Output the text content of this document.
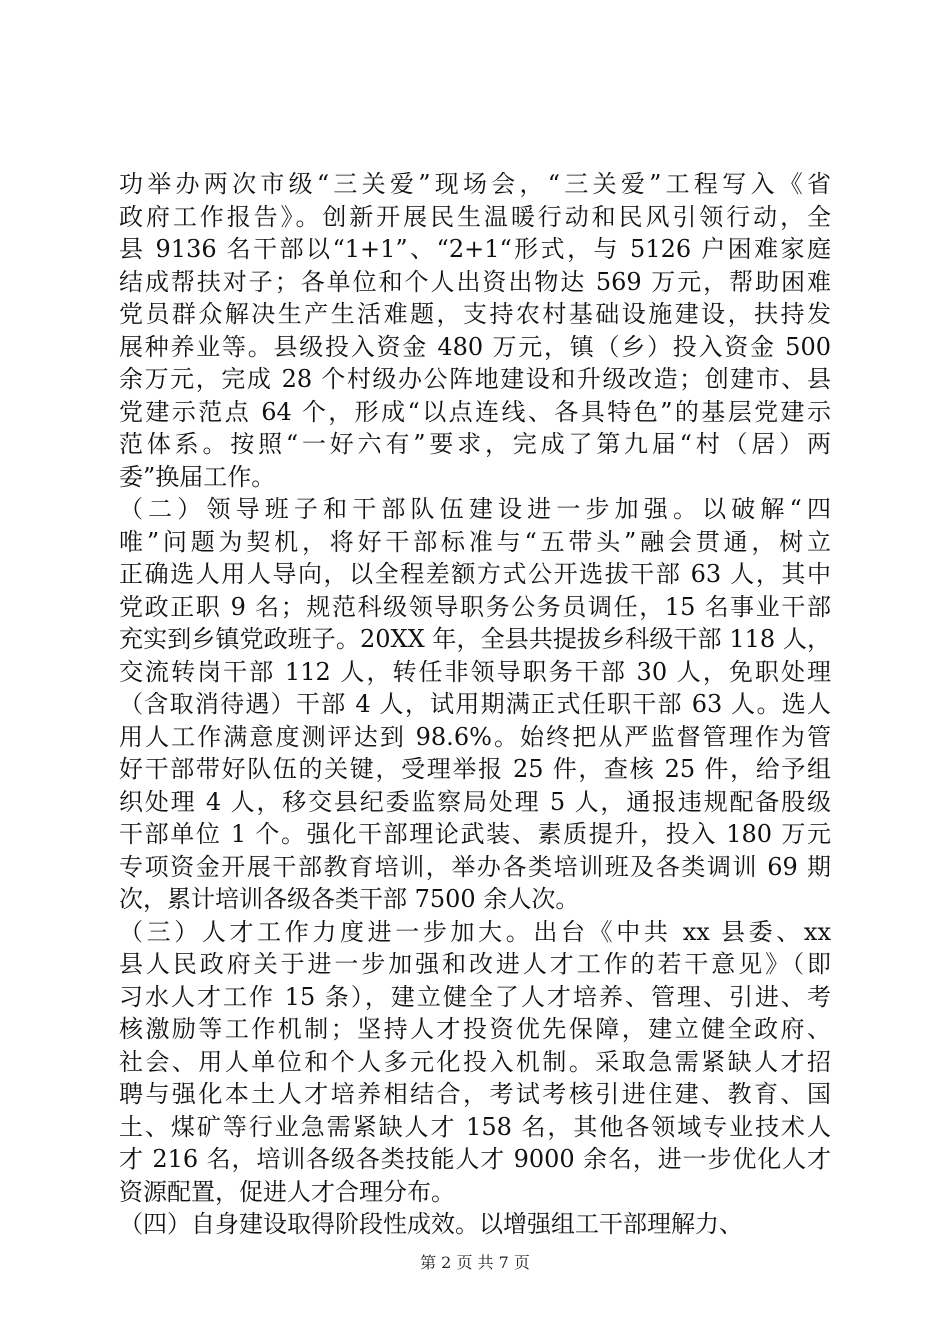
功举办两次市级“三关爱”现场会，“三关爱”工程写入《省
政府工作报告》。创新开展民生温暖行动和民风引领行动，全
县 9136 名干部以“1+1”、“2+1“形式，与 5126 户困难家庭
结成帮扶对子；各单位和个人出资出物达 569 万元，帮助困难
党员群众解决生产生活难题，支持农村基础设施建设，扶持发
展种养业等。县级投入资金 480 万元，镇（乡）投入资金 500
余万元，完成 28 个村级办公阵地建设和升级改造；创建市、县
党建示范点 64 个，形成“以点连线、各具特色”的基层党建示
范体系。按照“一好六有”要求，完成了第九届“村（居）两
委”换届工作。
（二）领导班子和干部队伍建设进一步加强。以破解“四
唯”问题为契机，将好干部标准与“五带头”融会贯通，树立
正确选人用人导向，以全程差额方式公开选拔干部 63 人，其中
党政正职 9 名；规范科级领导职务公务员调任，15 名事业干部
充实到乡镇党政班子。20XX 年，全县共提拔乡科级干部 118 人，
交流转岗干部 112 人，转任非领导职务干部 30 人，免职处理
（含取消待遇）干部 4 人，试用期满正式任职干部 63 人。选人
用人工作满意度测评达到 98.6%。始终把从严监督管理作为管
好干部带好队伍的关键，受理举报 25 件，查核 25 件，给予组
织处理 4 人，移交县纪委监察局处理 5 人，通报违规配备股级
干部单位 1 个。强化干部理论武装、素质提升，投入 180 万元
专项资金开展干部教育培训，举办各类培训班及各类调训 69 期
次，累计培训各级各类干部 7500 余人次。
（三）人才工作力度进一步加大。出台《中共 xx 县委、xx
县人民政府关于进一步加强和改进人才工作的若干意见》（即
习水人才工作 15 条），建立健全了人才培养、管理、引进、考
核激励等工作机制；坚持人才投资优先保障，建立健全政府、
社会、用人单位和个人多元化投入机制。采取急需紧缺人才招
聘与强化本土人才培养相结合，考试考核引进住建、教育、国
土、煤矿等行业急需紧缺人才 158 名，其他各领域专业技术人
才 216 名，培训各级各类技能人才 9000 余名，进一步优化人才
资源配置，促进人才合理分布。
（四）自身建设取得阶段性成效。以增强组工干部理解力、
第 2 页 共 7 页
